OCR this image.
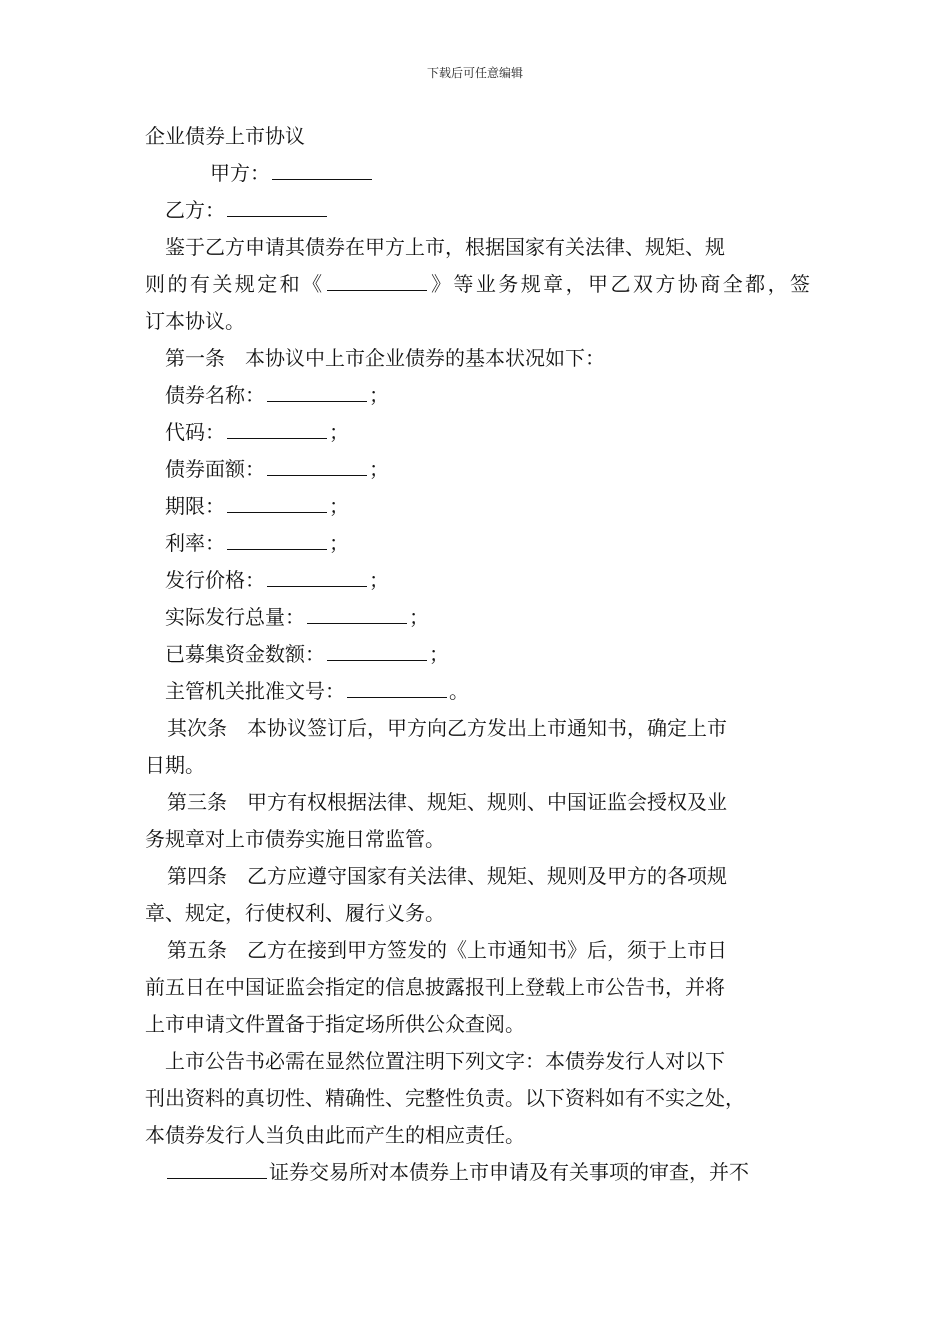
下载后可任意编辑
企业债券上市协议
甲方：
乙方：
鉴于乙方申请其债券在甲方上市，根据国家有关法律、规矩、规
则的有关规定和《	》等业务规章，甲乙双方协商全都，签
订本协议。
第一条　本协议中上市企业债券的基本状况如下：
债券名称：	；
代码：	；
债券面额：	；
期限：	；
利率：	；
发行价格：	；
实际发行总量：	；
已募集资金数额：	；
主管机关批准文号：	。
其次条　本协议签订后，甲方向乙方发出上市通知书，确定上市
日期。
第三条　甲方有权根据法律、规矩、规则、中国证监会授权及业
务规章对上市债券实施日常监管。
第四条　乙方应遵守国家有关法律、规矩、规则及甲方的各项规
章、规定，行使权利、履行义务。
第五条　乙方在接到甲方签发的《上市通知书》后，须于上市日
前五日在中国证监会指定的信息披露报刊上登载上市公告书，并将
上市申请文件置备于指定场所供公众查阅。
上市公告书必需在显然位置注明下列文字：本债券发行人对以下
刊出资料的真切性、精确性、完整性负责。以下资料如有不实之处，
本债券发行人当负由此而产生的相应责任。
证券交易所对本债券上市申请及有关事项的审查，并不
